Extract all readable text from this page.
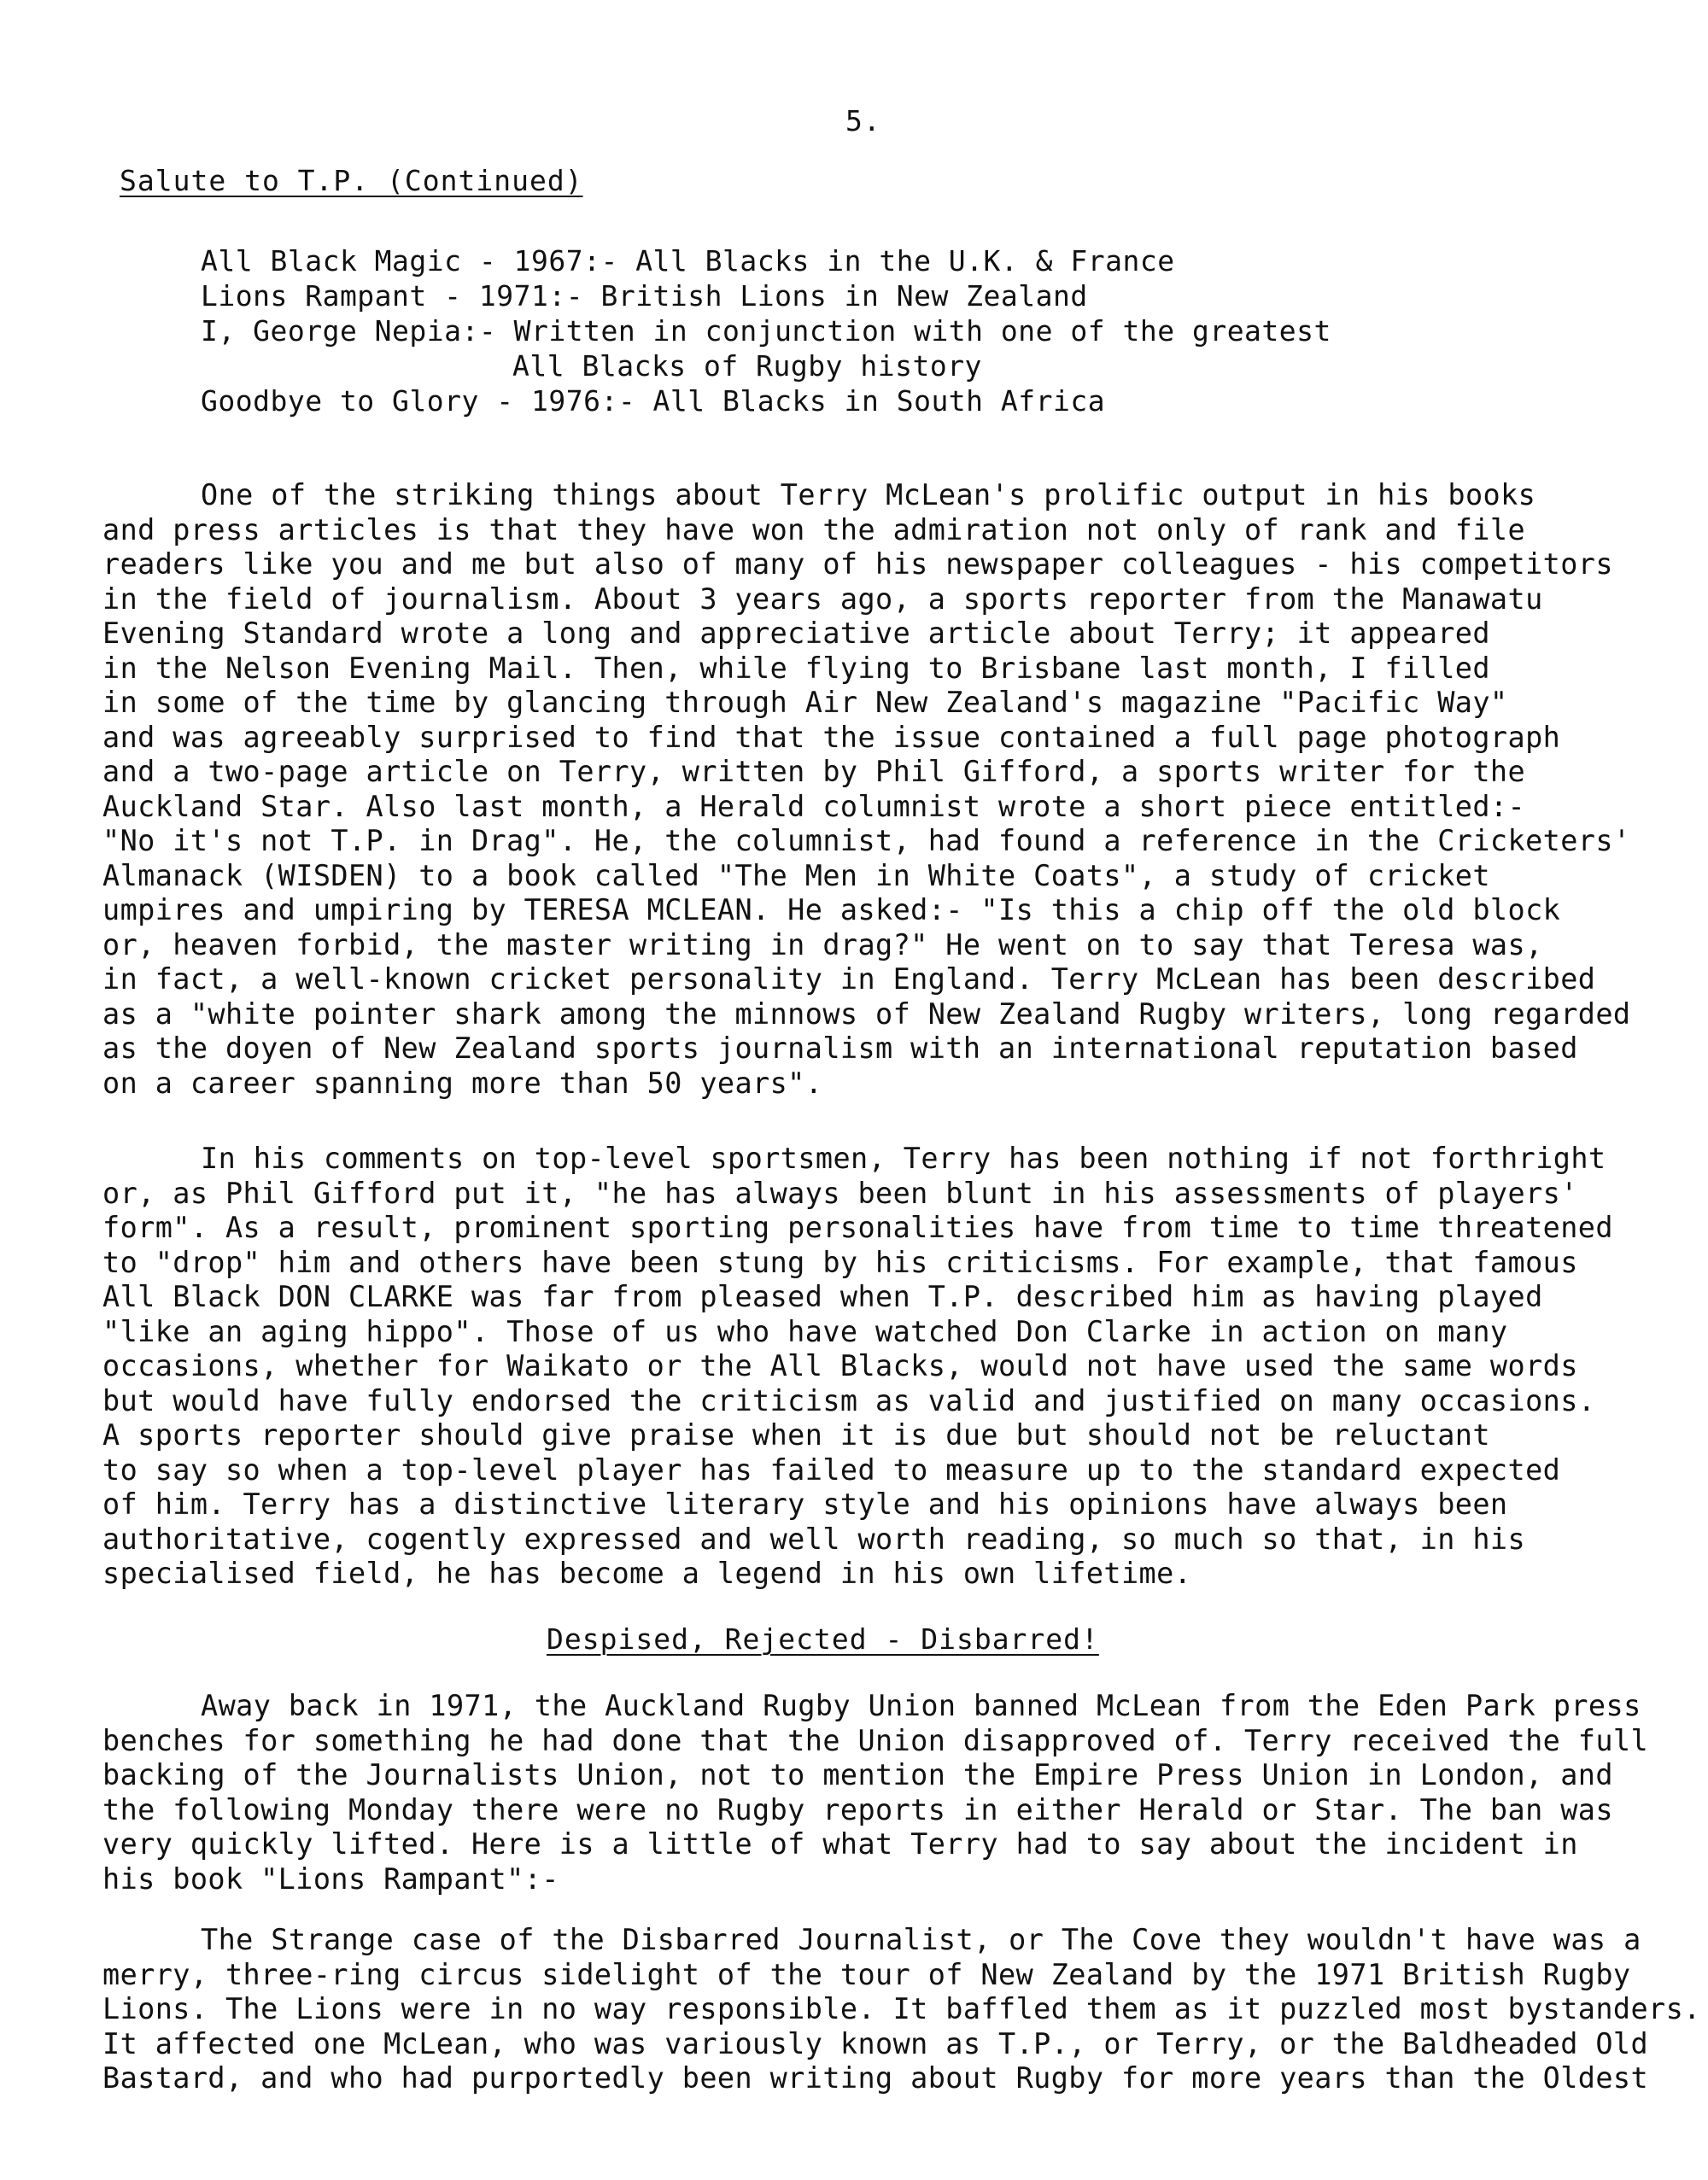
5.
Salute to T.P. (Continued)
All Black Magic - 1967:- All Blacks in the U.K. & France
Lions Rampant - 1971:- British Lions in New Zealand
I, George Nepia:- Written in conjunction with one of the greatest
All Blacks of Rugby history
Goodbye to Glory - 1976:- All Blacks in South Africa
One of the striking things about Terry McLean's prolific output in his books
and press articles is that they have won the admiration not only of rank and file
readers like you and me but also of many of his newspaper colleagues - his competitors
in the field of journalism. About 3 years ago, a sports reporter from the Manawatu
Evening Standard wrote a long and appreciative article about Terry; it appeared
in the Nelson Evening Mail. Then, while flying to Brisbane last month, I filled
in some of the time by glancing through Air New Zealand's magazine "Pacific Way"
and was agreeably surprised to find that the issue contained a full page photograph
and a two-page article on Terry, written by Phil Gifford, a sports writer for the
Auckland Star. Also last month, a Herald columnist wrote a short piece entitled:-
"No it's not T.P. in Drag". He, the columnist, had found a reference in the Cricketers'
Almanack (WISDEN) to a book called "The Men in White Coats", a study of cricket
umpires and umpiring by TERESA MCLEAN. He asked:- "Is this a chip off the old block
or, heaven forbid, the master writing in drag?" He went on to say that Teresa was,
in fact, a well-known cricket personality in England. Terry McLean has been described
as a "white pointer shark among the minnows of New Zealand Rugby writers, long regarded
as the doyen of New Zealand sports journalism with an international reputation based
on a career spanning more than 50 years".
In his comments on top-level sportsmen, Terry has been nothing if not forthright
or, as Phil Gifford put it, "he has always been blunt in his assessments of players'
form". As a result, prominent sporting personalities have from time to time threatened
to "drop" him and others have been stung by his criticisms. For example, that famous
All Black DON CLARKE was far from pleased when T.P. described him as having played
"like an aging hippo". Those of us who have watched Don Clarke in action on many
occasions, whether for Waikato or the All Blacks, would not have used the same words
but would have fully endorsed the criticism as valid and justified on many occasions.
A sports reporter should give praise when it is due but should not be reluctant
to say so when a top-level player has failed to measure up to the standard expected
of him. Terry has a distinctive literary style and his opinions have always been
authoritative, cogently expressed and well worth reading, so much so that, in his
specialised field, he has become a legend in his own lifetime.
Despised, Rejected - Disbarred!
Away back in 1971, the Auckland Rugby Union banned McLean from the Eden Park press
benches for something he had done that the Union disapproved of. Terry received the full
backing of the Journalists Union, not to mention the Empire Press Union in London, and
the following Monday there were no Rugby reports in either Herald or Star. The ban was
very quickly lifted. Here is a little of what Terry had to say about the incident in
his book "Lions Rampant":-
The Strange case of the Disbarred Journalist, or The Cove they wouldn't have was a
merry, three-ring circus sidelight of the tour of New Zealand by the 1971 British Rugby
Lions. The Lions were in no way responsible. It baffled them as it puzzled most bystanders.
It affected one McLean, who was variously known as T.P., or Terry, or the Baldheaded Old
Bastard, and who had purportedly been writing about Rugby for more years than the Oldest
